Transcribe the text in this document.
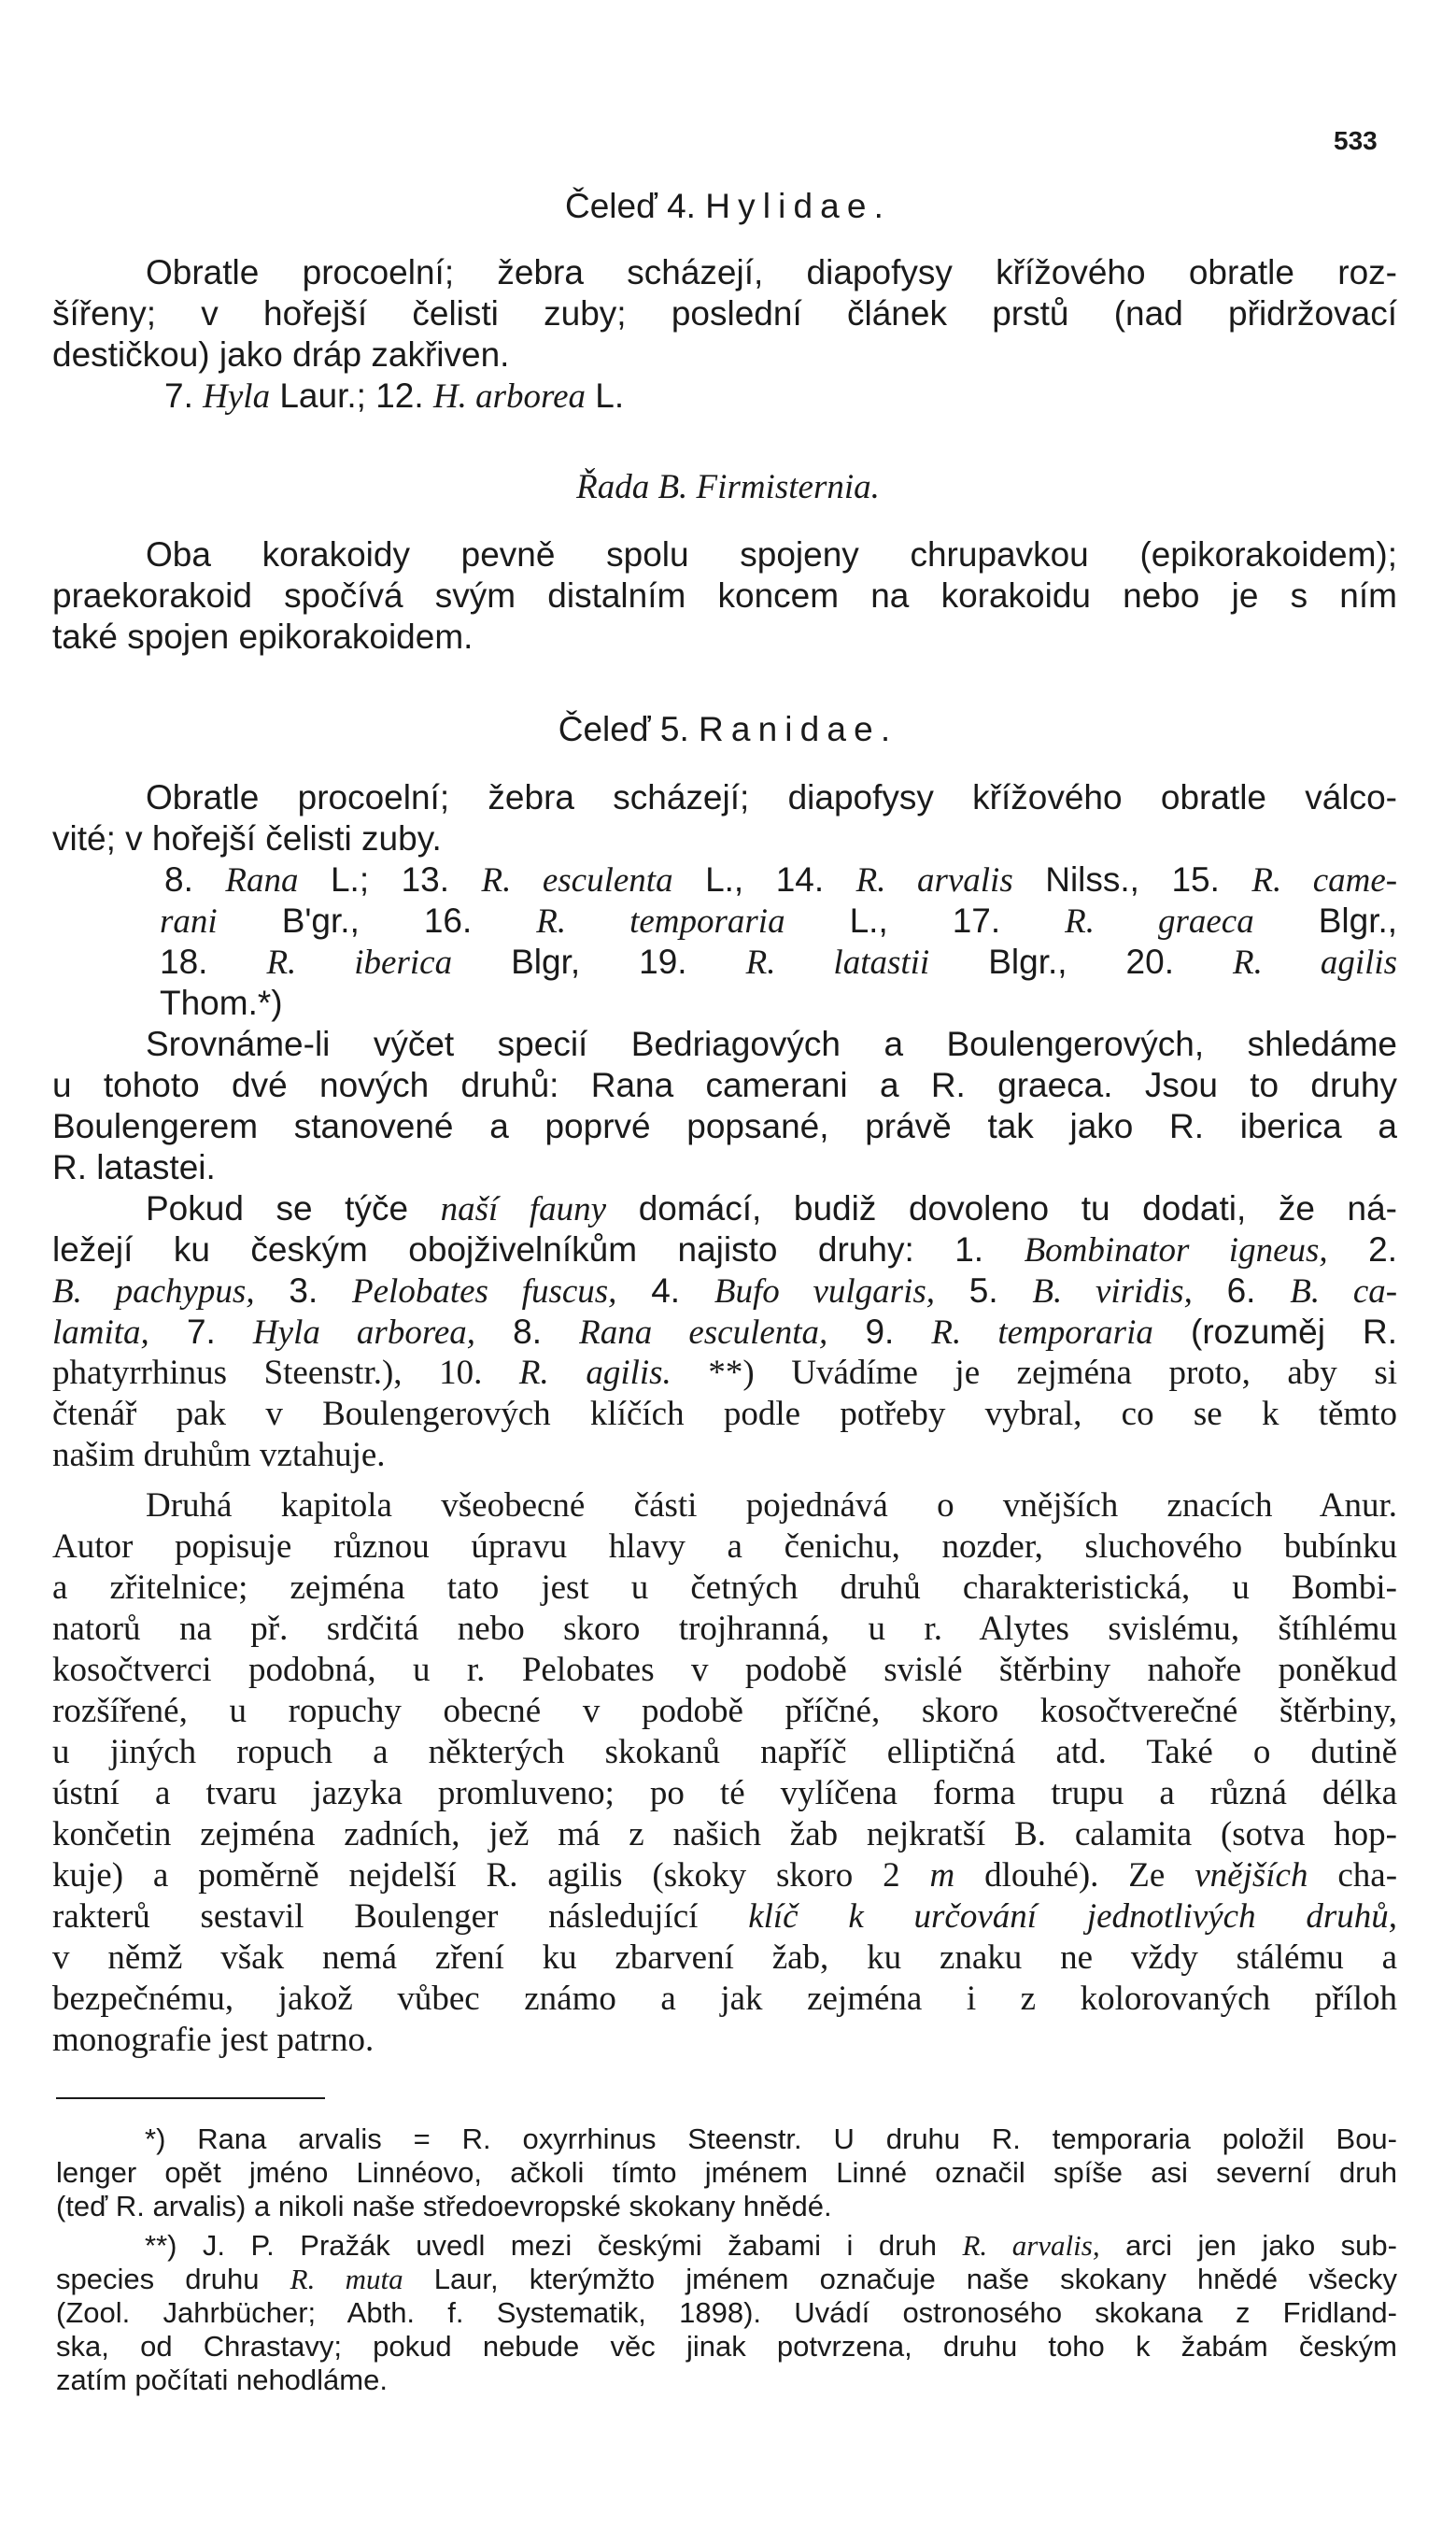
533
Čeleď 4. Hylidae.

Obratle procoelní; žebra scházejí, diapofysy křížového obratle roz-

šířeny; v hořejší čelisti zuby; poslední článek prstů (nad přidržovací

destičkou) jako dráp zakřiven.

7. Hyla Laur.; 12. H. arborea L.

Řada B. Firmisternia.

Oba korakoidy pevně spolu spojeny chrupavkou (epikorakoidem);

praekorakoid spočívá svým distalním koncem na korakoidu nebo je s ním

také spojen epikorakoidem.

Čeleď 5. Ranidae.

Obratle procoelní; žebra scházejí; diapofysy křížového obratle válco-

vité; v hořejší čelisti zuby.

8. Rana L.; 13. R. esculenta L., 14. R. arvalis Nilss., 15. R. came-

rani B'gr., 16. R. temporaria L., 17. R. graeca Blgr.,

18. R. iberica Blgr, 19. R. latastii Blgr., 20. R. agilis

Thom.*)

Srovnáme-li výčet specií Bedriagových a Boulengerových, shledáme

u tohoto dvé nových druhů: Rana camerani a R. graeca. Jsou to druhy

Boulengerem stanovené a poprvé popsané, právě tak jako R. iberica a

R. latastei.

Pokud se týče naší fauny domácí, budiž dovoleno tu dodati, že ná-

ležejí ku českým obojživelníkům najisto druhy: 1. Bombinator igneus, 2.

B. pachypus, 3. Pelobates fuscus, 4. Bufo vulgaris, 5. B. viridis, 6. B. ca-

lamita, 7. Hyla arborea, 8. Rana esculenta, 9. R. temporaria (rozuměj R.

phatyrrhinus Steenstr.), 10. R. agilis. **) Uvádíme je zejména proto, aby si

čtenář pak v Boulengerových klíčích podle potřeby vybral, co se k těmto

našim druhům vztahuje.

Druhá kapitola všeobecné části pojednává o vnějších znacích Anur.

Autor popisuje různou úpravu hlavy a čenichu, nozder, sluchového bubínku

a zřitelnice; zejména tato jest u četných druhů charakteristická, u Bombi-

natorů na př. srdčitá nebo skoro trojhranná, u r. Alytes svislému, štíhlému

kosočtverci podobná, u r. Pelobates v podobě svislé štěrbiny nahoře poněkud

rozšířené, u ropuchy obecné v podobě příčné, skoro kosočtverečné štěrbiny,

u jiných ropuch a některých skokanů napříč elliptičná atd. Také o dutině

ústní a tvaru jazyka promluveno; po té vylíčena forma trupu a různá délka

končetin zejména zadních, jež má z našich žab nejkratší B. calamita (sotva hop-

kuje) a poměrně nejdelší R. agilis (skoky skoro 2 m dlouhé). Ze vnějších cha-

rakterů sestavil Boulenger následující klíč k určování jednotlivých druhů,

v němž však nemá zření ku zbarvení žab, ku znaku ne vždy stálému a

bezpečnému, jakož vůbec známo a jak zejména i z kolorovaných příloh

monografie jest patrno.

*) Rana arvalis = R. oxyrrhinus Steenstr. U druhu R. temporaria položil Bou-

lenger opět jméno Linnéovo, ačkoli tímto jménem Linné označil spíše asi severní druh

(teď R. arvalis) a nikoli naše středoevropské skokany hnědé.

**) J. P. Pražák uvedl mezi českými žabami i druh R. arvalis, arci jen jako sub-

species druhu R. muta Laur, kterýmžto jménem označuje naše skokany hnědé všecky

(Zool. Jahrbücher; Abth. f. Systematik, 1898). Uvádí ostronosého skokana z Fridland-

ska, od Chrastavy; pokud nebude věc jinak potvrzena, druhu toho k žabám českým

zatím počítati nehodláme.
